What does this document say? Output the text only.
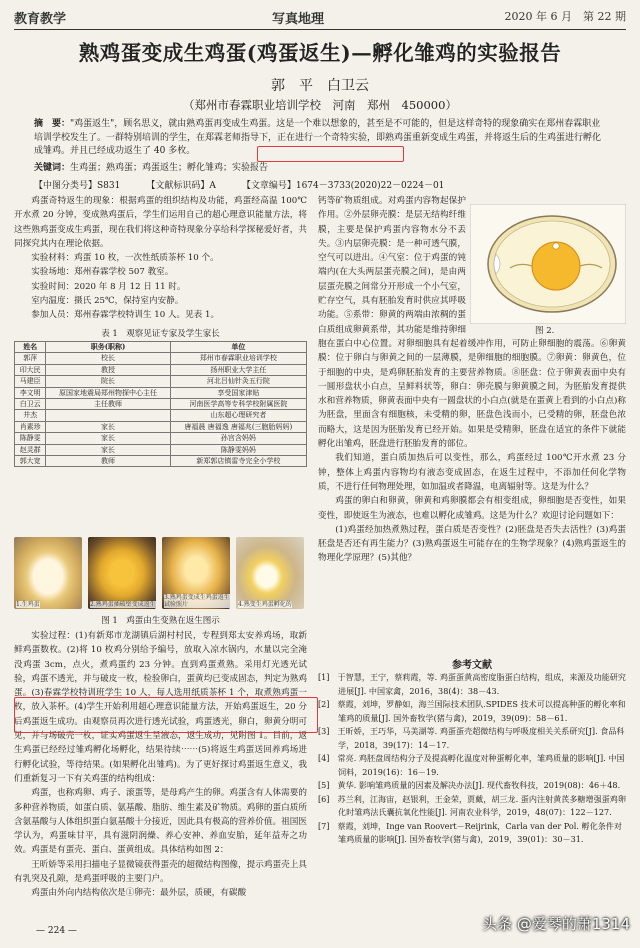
教育教学	写真地理	2020 年 6 月　第 22 期
熟鸡蛋变成生鸡蛋(鸡蛋返生)—孵化雏鸡的实验报告
郭　平　白卫云
（郑州市春霖职业培训学校　河南　郑州　450000）
摘　要："鸡蛋返生"，顾名思义，就由熟鸡蛋再变成生鸡蛋。这是一个难以想象的，甚至是不可能的，但是这样奇特的现象确实在郑州春霖职业培训学校发生了。一群特别培训的学生，在郑霖老师指导下，正在进行一个奇特实验，即熟鸡蛋重新变成生鸡蛋，并将返生后的生鸡蛋进行孵化成雏鸡。并且已经成功返生了 40 多枚。
关键词：生鸡蛋；熟鸡蛋；鸡蛋返生；孵化雏鸡；实验报告
【中图分类号】S831	【文献标识码】A	【文章编号】1674－3733(2020)22－0224－01

鸡蛋奇特返生的现象：根据鸡蛋的组织结构及功能，鸡蛋经高温 100℃开水煮 20 分钟，变成熟鸡蛋后，学生们运用自己的超心理意识能量方法，将这些熟鸡蛋变成生鸡蛋，现在我们将这种奇特现象分享给科学探秘爱好者，共同探究其内在理论依据。

实验材料：鸡蛋 10 枚，一次性纸质茶杯 10 个。

实验场地：郑州春霖学校 507 教室。

实验时间：2020 年 8 月 12 日 11 时。

室内温度：摄氏 25℃，保持室内安静。

参加人员：郑州春霖学校特训生 10 人。见表 1。

表 1　观察见证专家及学生家长
姓名	职务(职称)	单位
郭萍	校长	郑州市春霖职业培训学校
印大民	教授	扬州职业大学主任
马建臣	院长	河北吕仙针灸五行院
李文明	原国家地震局郑州物探中心主任	享受国家津贴
白卫云	主任教师	河南医学高等专科学校附属医院
井杰		山东超心理研究者
肖素珍	家长	唐福晨 唐福逸 唐福兆(三胞胎妈妈)
陈静雯	家长	孙宫含妈妈
赵灵群	家长	陈静雯妈妈
郭大宽	教师	新郑郭店镇雷寺完全小学校
1.生鸡蛋	2.熟鸡蛋插破壁变成返生
3.熟鸡蛋变成生鸡蛋返生试验照片	4.熟变生鸡蛋孵化的
图 1　鸡蛋由生变熟在返生图示

实验过程：(1)有新郑市龙湖镇后湖村村民，专程到郑太安养鸡场，取新鲜鸡蛋数枚。(2)将 10 枚鸡分别给予编号，放取入凉水锅内，水量以完全淹没鸡蛋 3cm，点火，煮鸡蛋约 23 分钟。直到鸡蛋煮熟。采用灯光透光试验，鸡蛋不透光，并与破皮一枚，检验卵白，蛋黄均已变成固态，判定为熟鸡蛋。(3)春霖学校特训班学生 10 人，每人选用纸质茶杯 1 个，取煮熟鸡蛋一枚，放入茶杯。(4)学生开始利用超心理意识能量方法，开始鸡蛋返生，20 分后鸡蛋返生成功。由观察员再次进行透光试验，鸡蛋透光，卵白，卵黄分明可见，并与场破壳一枚，证实鸡蛋返生呈液态，返生成功，见附图 1。目前，返生鸡蛋已经经过雏鸡孵化场孵化，结果待续⋯⋯(5)将返生鸡蛋送回养鸡场进行孵化试验，等待结果。(如果孵化出雏鸡)。为了更好探讨鸡蛋返生意义，我们重新复习一下有关鸡蛋的结构组成：

鸡蛋，也称鸡卵、鸡子、滚蛋等，是母鸡产生的卵。鸡蛋含有人体需要的多种营养物质，如蛋白质、氨基酸、脂肪、维生素及矿物质。鸡卵的蛋白质所含氨基酸与人体组织蛋白氨基酸十分接近，因此具有极高的营养价值。祖国医学认为，鸡蛋味甘平，具有滋阴润燥、养心安神、养血安胎，延年益寿之功效。鸡蛋是有蛋壳、蛋白、蛋黄组成。具体结构如图 2：

王昕娇等采用扫描电子显微镜获得蛋壳的超微结构图像，提示鸡蛋壳上具有乳突及孔隙，是鸡蛋呼吸的主要门户。

鸡蛋由外向内结构依次是①卵壳：最外层，质硬，有碳酸

图 2.

钙等矿物质组成。对鸡蛋内容物起保护作用。②外层卵壳膜：是层无结构纤维膜，主要是保护鸡蛋内容物水分不丢失。③内层卵壳膜：是一种可透气膜，空气可以进出。④气室：位于鸡蛋的钝端内(在大头两层蛋壳膜之间)，是由两层蛋壳膜之间常分开形成一个小气室，贮存空气，具有胚胎发育时供应其呼吸功能。⑤系带：卵黄的两端由浓稠的蛋白质组成卵黄系带，其功能是维持卵细胞在蛋白中心位置。对卵细胞具有起着缓冲作用，可防止卵细胞的震荡。⑥卵黄膜：位于卵白与卵黄之间的一层薄膜，是卵细胞的细胞膜。⑦卵黄：卵黄色，位于细胞的中央，是鸡卵胚胎发育的主要营养物质。⑧胚盘：位于卵黄表面中央有一圆形盘状小白点，呈鲜料状等，卵白：卵壳膜与卵黄膜之间，为胚胎发育提供水和营养物质，卵黄表面中央有一圆盘状的小白点(就是在蛋黄上看到的小白点)称为胚盘，里面含有细胞核，未受精的卵，胚盘色浅而小，已受精的卵，胚盘色浓而略大，这是因为胚胎发育已经开始。如果是受精卵，胚盘在适宜的条件下就能孵化出雏鸡，胚盘进行胚胎发育的部位。

我们知道，蛋白质加热后可以变性，那么，鸡蛋经过 100℃开水煮 23 分钟，整体上鸡蛋内容物均有液态变成固态，在返生过程中，不添加任何化学物质，不进行任何物理处理，如加温或者降温，电离辐射等。这是为什么？

鸡蛋的卵白和卵黄，卵黄和鸡卵膜都会有相变组成，卵细胞是否变性，如果变性，即使返生为液态，也难以孵化成雏鸡。这是为什么？欢迎讨论问题如下：

(1)鸡蛋经加热煮熟过程，蛋白质是否变性？(2)胚盘是否失去活性？(3)鸡蛋胚盘是否还有再生能力？(3)熟鸡蛋返生可能存在的生物学现象？(4)熟鸡蛋返生的物理化学原理？(5)其他？

参考文献
[1]　于智慧，王宁，蔡莉霞，等. 鸡蛋蛋黄高密度脂蛋白结构，组成，来源及功能研究进展[J]. 中国家禽，2016，38(4)：38－43.
[2]　蔡霞，刘坤，罗静如，海兰国际技术团队.SPIDES 技术可以提高种蛋的孵化率和雏鸡的质量[J]. 国外畜牧学(猪与禽)，2019，39(09)：58－61.
[3]　王昕娇，王巧华，马美湖等. 鸡蛋蛋壳超微结构与呼吸度相关关系研究[J]. 食品科学，2018，39(17)：14－17.
[4]　常亮. 鸡胚盘周结构分子及提高孵化温度对种蛋孵化率，雏鸡质量的影响[J]. 中国饲料，2019(16)：16－19.
[5]　黄华. 影响雏鸡质量的因素及解决办法[J]. 现代畜牧科技，2019(08)：46＋48.
[6]　苏兰利，江海宙，赵银利，王金荣，贾戴，胡三龙. 蛋内注射黄芪多糖增强蛋鸡卵化时雏鸡法氏囊抗氧化性能[J]. 河南农业科学，2019，48(07)：122－127.
[7]　蔡霞，刘坤，Inge van Roovert－Reijrink，Carla van der Pol. 孵化条件对雏鸡质量的影响[J]. 国外畜牧学(猪与禽)，2019，39(01)：30－31.
— 224 —	头条 @爱琴的萧1314
